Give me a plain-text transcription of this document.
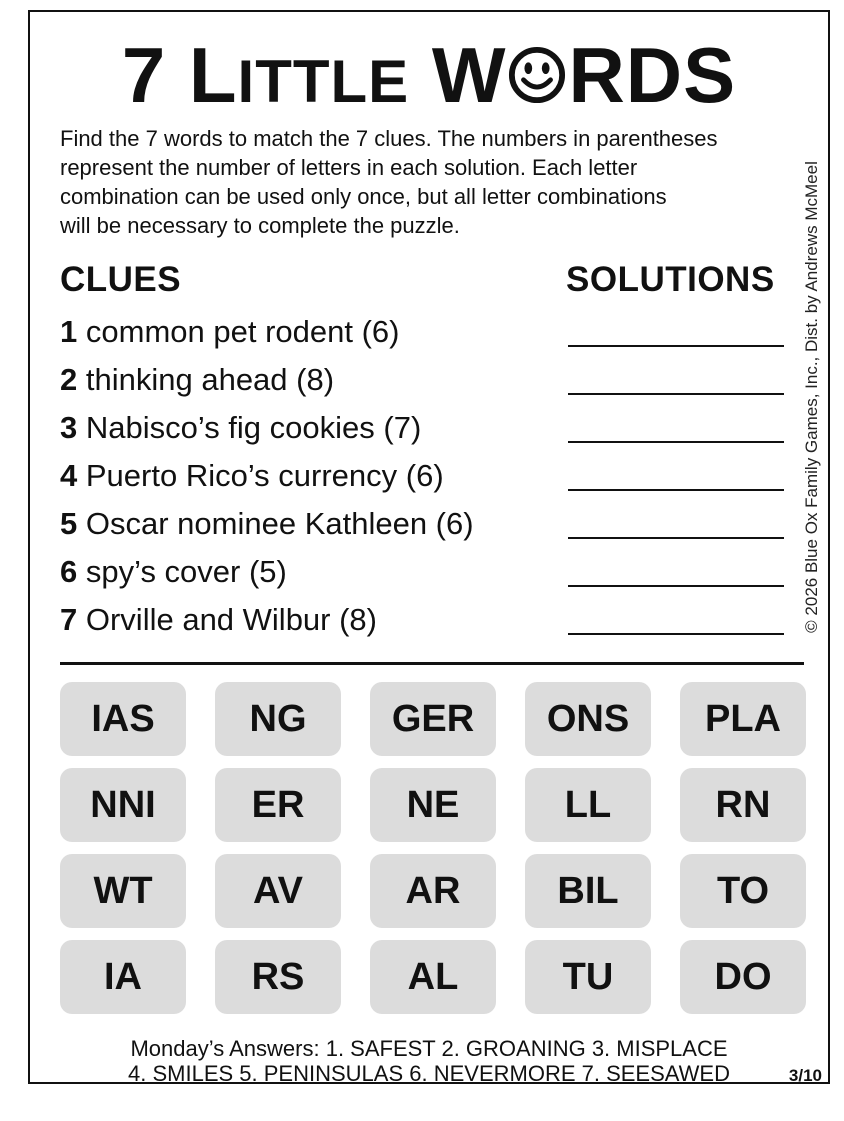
7 LITTLE W RDS
Find the 7 words to match the 7 clues. The numbers in parentheses
represent the number of letters in each solution. Each letter
combination can be used only once, but all letter combinations
will be necessary to complete the puzzle.
CLUES	SOLUTIONS
1 common pet rodent (6)
2 thinking ahead (8)
3 Nabisco’s fig cookies (7)
4 Puerto Rico’s currency (6)
5 Oscar nominee Kathleen (6)
6 spy’s cover (5)
7 Orville and Wilbur (8)	© 2026 Blue Ox Family Games, Inc., Dist. by Andrews McMeel
IAS	NG	GER	ONS	PLA
NNI	ER	NE	LL	RN
WT	AV	AR	BIL	TO
IA	RS	AL	TU	DO
Monday’s Answers: 1. SAFEST 2. GROANING 3. MISPLACE
4. SMILES 5. PENINSULAS 6. NEVERMORE 7. SEESAWED	3/10
